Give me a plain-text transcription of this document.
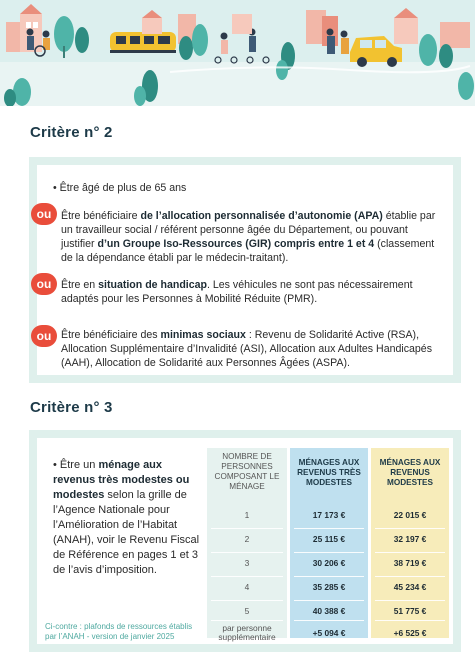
Critère n° 2
• Être âgé de plus de 65 ans
ou Être bénéficiaire de l’allocation personnalisée d’autonomie (APA) établie par un travailleur social / référent personne âgée du Département, ou pouvant justifier d’un Groupe Iso-Ressources (GIR) compris entre 1 et 4 (classement de la dépendance établi par le médecin-traitant).
ou Être en situation de handicap. Les véhicules ne sont pas nécessairement adaptés pour les Personnes à Mobilité Réduite (PMR).
ou Être bénéficiaire des minimas sociaux : Revenu de Solidarité Active (RSA), Allocation Supplémentaire d’Invalidité (ASI), Allocation aux Adultes Handicapés (AAH), Allocation de Solidarité aux Personnes Âgées (ASPA).
Critère n° 3
• Être un ménage aux revenus très modestes ou modestes selon la grille de l’Agence Nationale pour l’Amélioration de l’Habitat (ANAH), voir le Revenu Fiscal de Référence en pages 1 et 3 de l’avis d’imposition.
Ci-contre : plafonds de ressources établis par l’ANAH - version de janvier 2025
NOMBRE DE PERSONNES COMPOSANT LE MÉNAGE
1
2
3
4
5
par personne supplémentaire
MÉNAGES AUX REVENUS TRÈS MODESTES
17 173 €
25 115 €
30 206 €
35 285 €
40 388 €
+5 094 €
MÉNAGES AUX REVENUS MODESTES
22 015 €
32 197 €
38 719 €
45 234 €
51 775 €
+6 525 €
